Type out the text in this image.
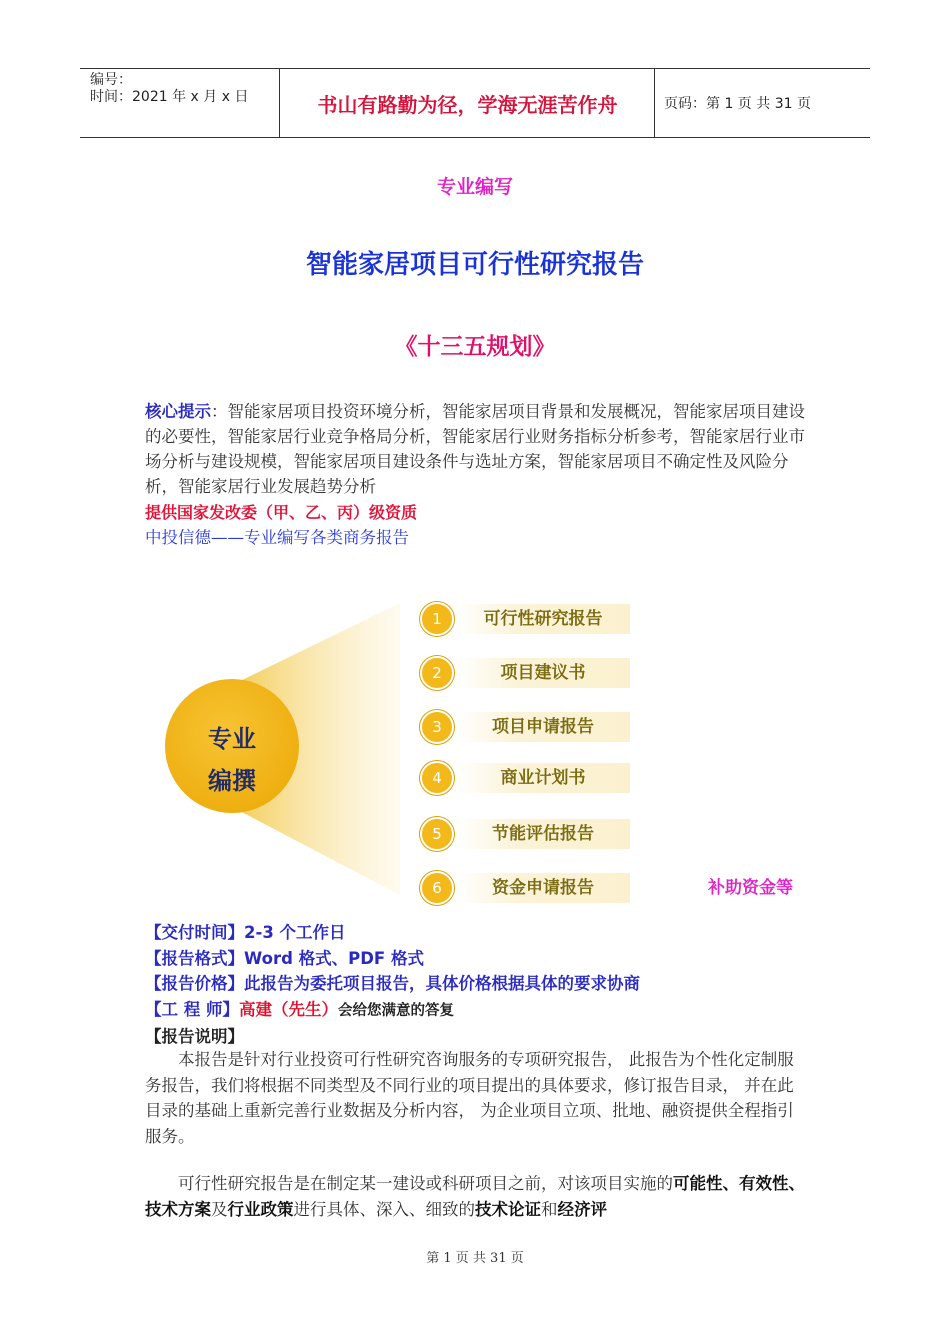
编号：
时间：2021 年 x 月 x 日	书山有路勤为径，学海无涯苦作舟	页码：第 1 页 共 31 页
专业编写
智能家居项目可行性研究报告
《十三五规划》
核心提示：智能家居项目投资环境分析，智能家居项目背景和发展概况，智能家居项目建设的必要性，智能家居行业竞争格局分析，智能家居行业财务指标分析参考，智能家居行业市场分析与建设规模，智能家居项目建设条件与选址方案，智能家居项目不确定性及风险分析，智能家居行业发展趋势分析
提供国家发改委（甲、乙、丙）级资质
中投信德——专业编写各类商务报告
专业
编撰
1	可行性研究报告
2	项目建议书
3	项目申请报告
4	商业计划书
5	节能评估报告
6	资金申请报告	补助资金等
【交付时间】2-3 个工作日
【报告格式】Word 格式、PDF 格式
【报告价格】此报告为委托项目报告，具体价格根据具体的要求协商
【工 程 师】高建（先生）会给您满意的答复
【报告说明】
本报告是针对行业投资可行性研究咨询服务的专项研究报告， 此报告为个性化定制服务报告，我们将根据不同类型及不同行业的项目提出的具体要求，修订报告目录， 并在此目录的基础上重新完善行业数据及分析内容， 为企业项目立项、批地、融资提供全程指引服务。
可行性研究报告是在制定某一建设或科研项目之前，对该项目实施的可能性、有效性、技术方案及行业政策进行具体、深入、细致的技术论证和经济评
第 1 页 共 31 页
